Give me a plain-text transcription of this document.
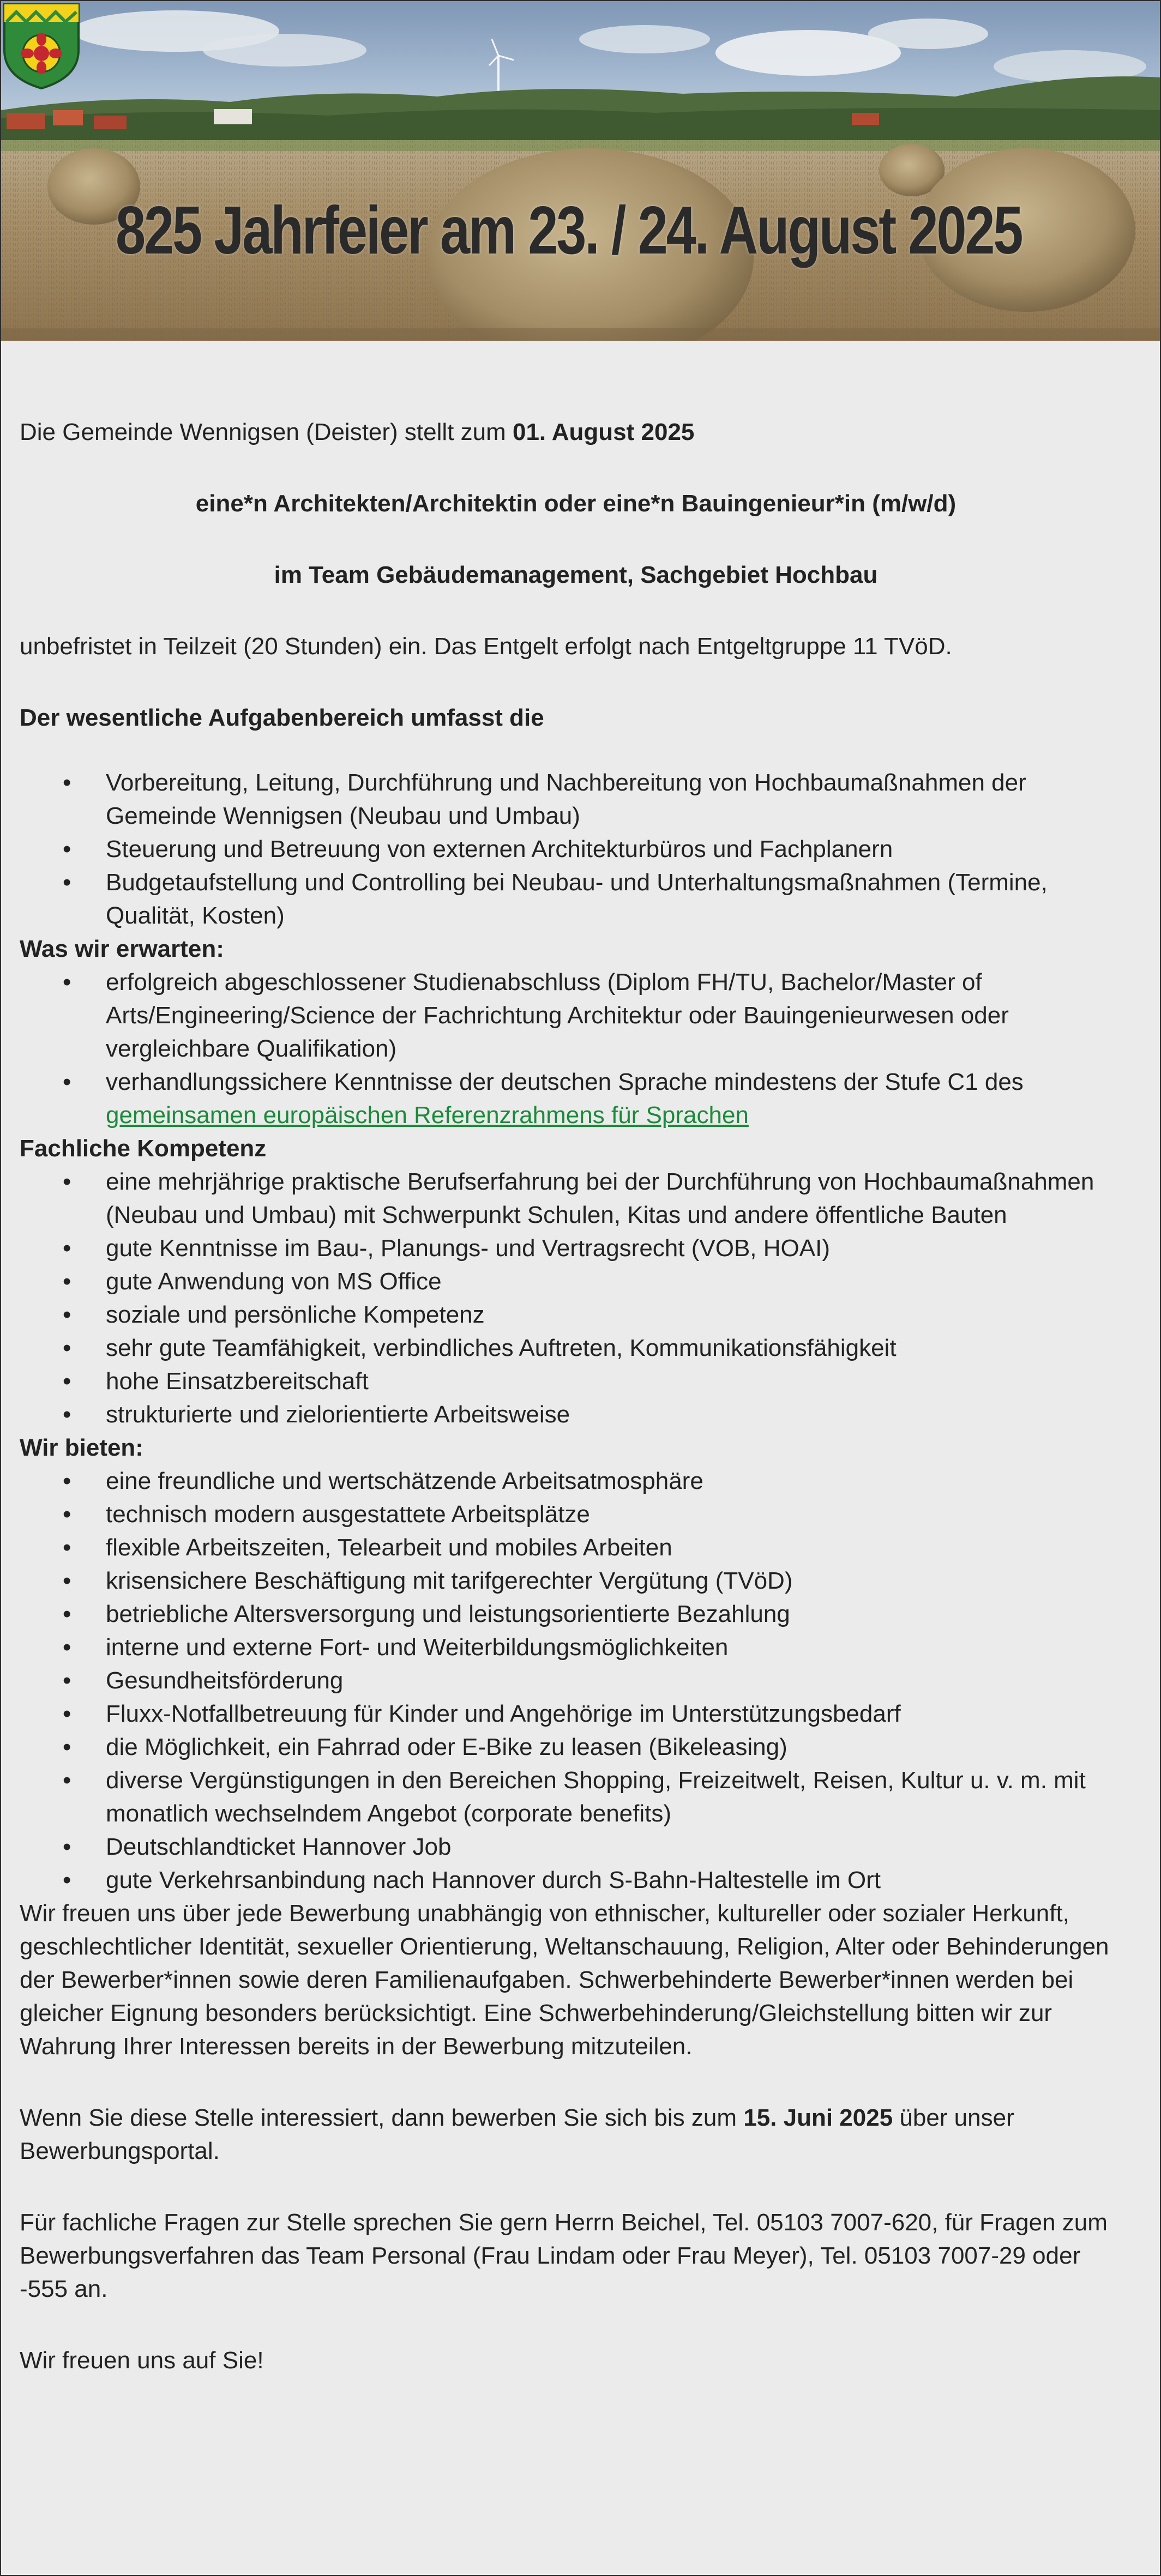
825 Jahrfeier am 23. / 24. August 2025

Die Gemeinde Wennigsen (Deister) stellt zum 01. August 2025

eine*n Architekten/Architektin oder eine*n Bauingenieur*in (m/w/d)

im Team Gebäudemanagement, Sachgebiet Hochbau

unbefristet in Teilzeit (20 Stunden) ein. Das Entgelt erfolgt nach Entgeltgruppe 11 TVöD.

Der wesentliche Aufgabenbereich umfasst die

• Vorbereitung, Leitung, Durchführung und Nachbereitung von Hochbaumaßnahmen der Gemeinde Wennigsen (Neubau und Umbau)
• Steuerung und Betreuung von externen Architekturbüros und Fachplanern
• Budgetaufstellung und Controlling bei Neubau- und Unterhaltungsmaßnahmen (Termine, Qualität, Kosten)

Was wir erwarten:

• erfolgreich abgeschlossener Studienabschluss (Diplom FH/TU, Bachelor/Master of Arts/Engineering/Science der Fachrichtung Architektur oder Bauingenieurwesen oder vergleichbare Qualifikation)
• verhandlungssichere Kenntnisse der deutschen Sprache mindestens der Stufe C1 des gemeinsamen europäischen Referenzrahmens für Sprachen

Fachliche Kompetenz

• eine mehrjährige praktische Berufserfahrung bei der Durchführung von Hochbaumaßnahmen (Neubau und Umbau) mit Schwerpunkt Schulen, Kitas und andere öffentliche Bauten
• gute Kenntnisse im Bau-, Planungs- und Vertragsrecht (VOB, HOAI)
• gute Anwendung von MS Office
• soziale und persönliche Kompetenz
• sehr gute Teamfähigkeit, verbindliches Auftreten, Kommunikationsfähigkeit
• hohe Einsatzbereitschaft
• strukturierte und zielorientierte Arbeitsweise

Wir bieten:

• eine freundliche und wertschätzende Arbeitsatmosphäre
• technisch modern ausgestattete Arbeitsplätze
• flexible Arbeitszeiten, Telearbeit und mobiles Arbeiten
• krisensichere Beschäftigung mit tarifgerechter Vergütung (TVöD)
• betriebliche Altersversorgung und leistungsorientierte Bezahlung
• interne und externe Fort- und Weiterbildungsmöglichkeiten
• Gesundheitsförderung
• Fluxx-Notfallbetreuung für Kinder und Angehörige im Unterstützungsbedarf
• die Möglichkeit, ein Fahrrad oder E-Bike zu leasen (Bikeleasing)
• diverse Vergünstigungen in den Bereichen Shopping, Freizeitwelt, Reisen, Kultur u. v. m. mit monatlich wechselndem Angebot (corporate benefits)
• Deutschlandticket Hannover Job
• gute Verkehrsanbindung nach Hannover durch S-Bahn-Haltestelle im Ort

Wir freuen uns über jede Bewerbung unabhängig von ethnischer, kultureller oder sozialer Herkunft, geschlechtlicher Identität, sexueller Orientierung, Weltanschauung, Religion, Alter oder Behinderungen der Bewerber*innen sowie deren Familienaufgaben. Schwerbehinderte Bewerber*innen werden bei gleicher Eignung besonders berücksichtigt. Eine Schwerbehinderung/Gleichstellung bitten wir zur Wahrung Ihrer Interessen bereits in der Bewerbung mitzuteilen.

Wenn Sie diese Stelle interessiert, dann bewerben Sie sich bis zum 15. Juni 2025 über unser Bewerbungsportal.

Für fachliche Fragen zur Stelle sprechen Sie gern Herrn Beichel, Tel. 05103 7007-620, für Fragen zum Bewerbungsverfahren das Team Personal (Frau Lindam oder Frau Meyer), Tel. 05103 7007-29 oder -555 an.

Wir freuen uns auf Sie!
